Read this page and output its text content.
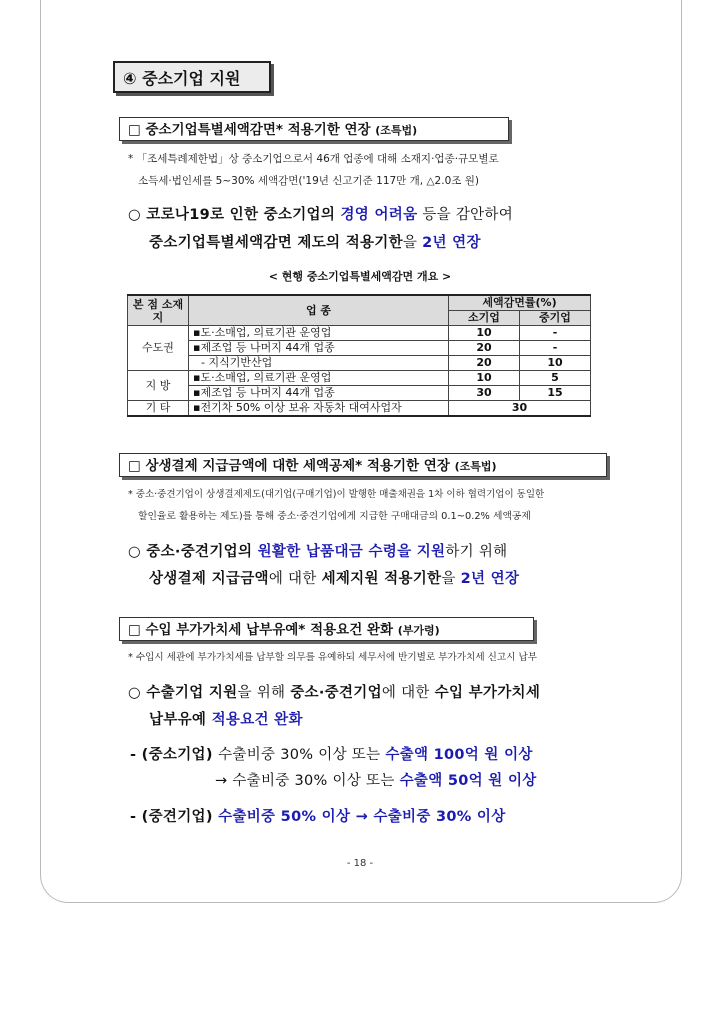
④ 중소기업 지원
□ 중소기업특별세액감면* 적용기한 연장 (조특법)
* 「조세특례제한법」상 중소기업으로서 46개 업종에 대해 소재지·업종·규모별로
소득세·법인세를 5~30% 세액감면('19년 신고기준 117만 개, △2.0조 원)
○ 코로나19로 인한 중소기업의 경영 어려움 등을 감안하여
중소기업특별세액감면 제도의 적용기한을 2년 연장
< 현행 중소기업특별세액감면 개요 >
본 점 소재지	업 종	세액감면률(%)	
		소기업	중기업
수도권	▪도·소매업, 의료기관 운영업	10	-
	▪제조업 등 나머지 44개 업종	20	-
	- 지식기반산업	20	10
지 방	▪도·소매업, 의료기관 운영업	10	5
	▪제조업 등 나머지 44개 업종	30	15
기 타	▪전기차 50% 이상 보유 자동차 대여사업자	30	
□ 상생결제 지급금액에 대한 세액공제* 적용기한 연장 (조특법)
* 중소·중견기업이 상생결제제도(대기업(구매기업)이 발행한 매출채권을 1차 이하 협력기업이 동일한
할인율로 활용하는 제도)를 통해 중소·중견기업에게 지급한 구매대금의 0.1~0.2% 세액공제
○ 중소·중견기업의 원활한 납품대금 수령을 지원하기 위해
상생결제 지급금액에 대한 세제지원 적용기한을 2년 연장
□ 수입 부가가치세 납부유예* 적용요건 완화 (부가령)
* 수입시 세관에 부가가치세를 납부할 의무를 유예하되 세무서에 반기별로 부가가치세 신고시 납부
○ 수출기업 지원을 위해 중소·중견기업에 대한 수입 부가가치세
납부유예 적용요건 완화
- (중소기업) 수출비중 30% 이상 또는 수출액 100억 원 이상
→ 수출비중 30% 이상 또는 수출액 50억 원 이상
- (중견기업) 수출비중 50% 이상 → 수출비중 30% 이상
- 18 -
